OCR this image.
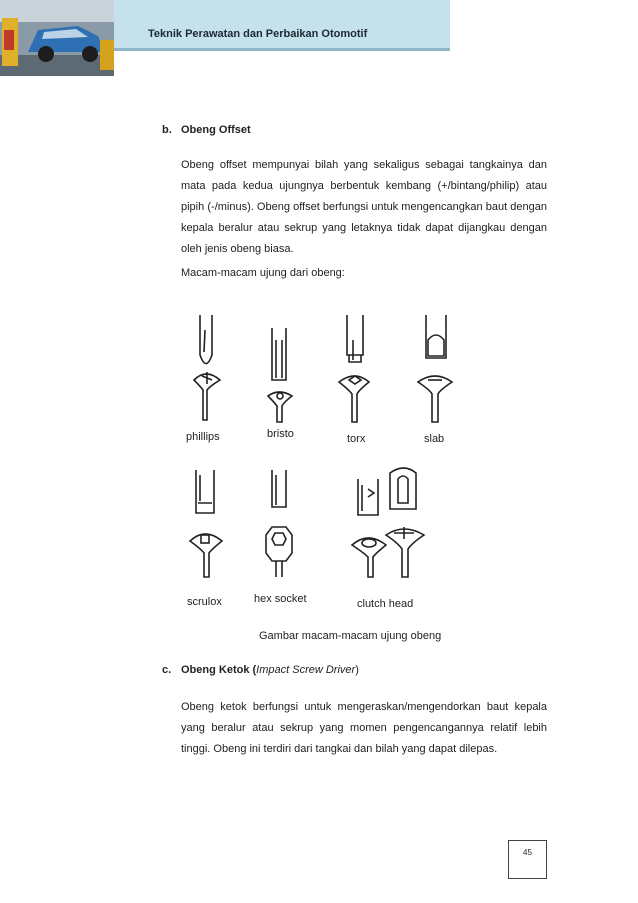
Teknik Perawatan dan Perbaikan Otomotif
b. Obeng Offset
Obeng offset mempunyai bilah yang sekaligus sebagai tangkainya dan mata pada kedua ujungnya berbentuk kembang (+/bintang/philip) atau pipih (-/minus). Obeng offset berfungsi untuk mengencangkan baut dengan kepala beralur atau sekrup yang letaknya tidak dapat dijangkau dengan oleh jenis obeng biasa.
Macam-macam ujung dari obeng:
phillips	bristo	torx	slab
scrulox	hex socket	clutch head
Gambar macam-macam ujung obeng
c. Obeng Ketok (Impact Screw Driver)
Obeng ketok berfungsi untuk mengeraskan/mengendorkan baut kepala yang beralur atau sekrup yang momen pengencangannya relatif lebih tinggi. Obeng ini terdiri dari tangkai dan bilah yang dapat dilepas.
45
